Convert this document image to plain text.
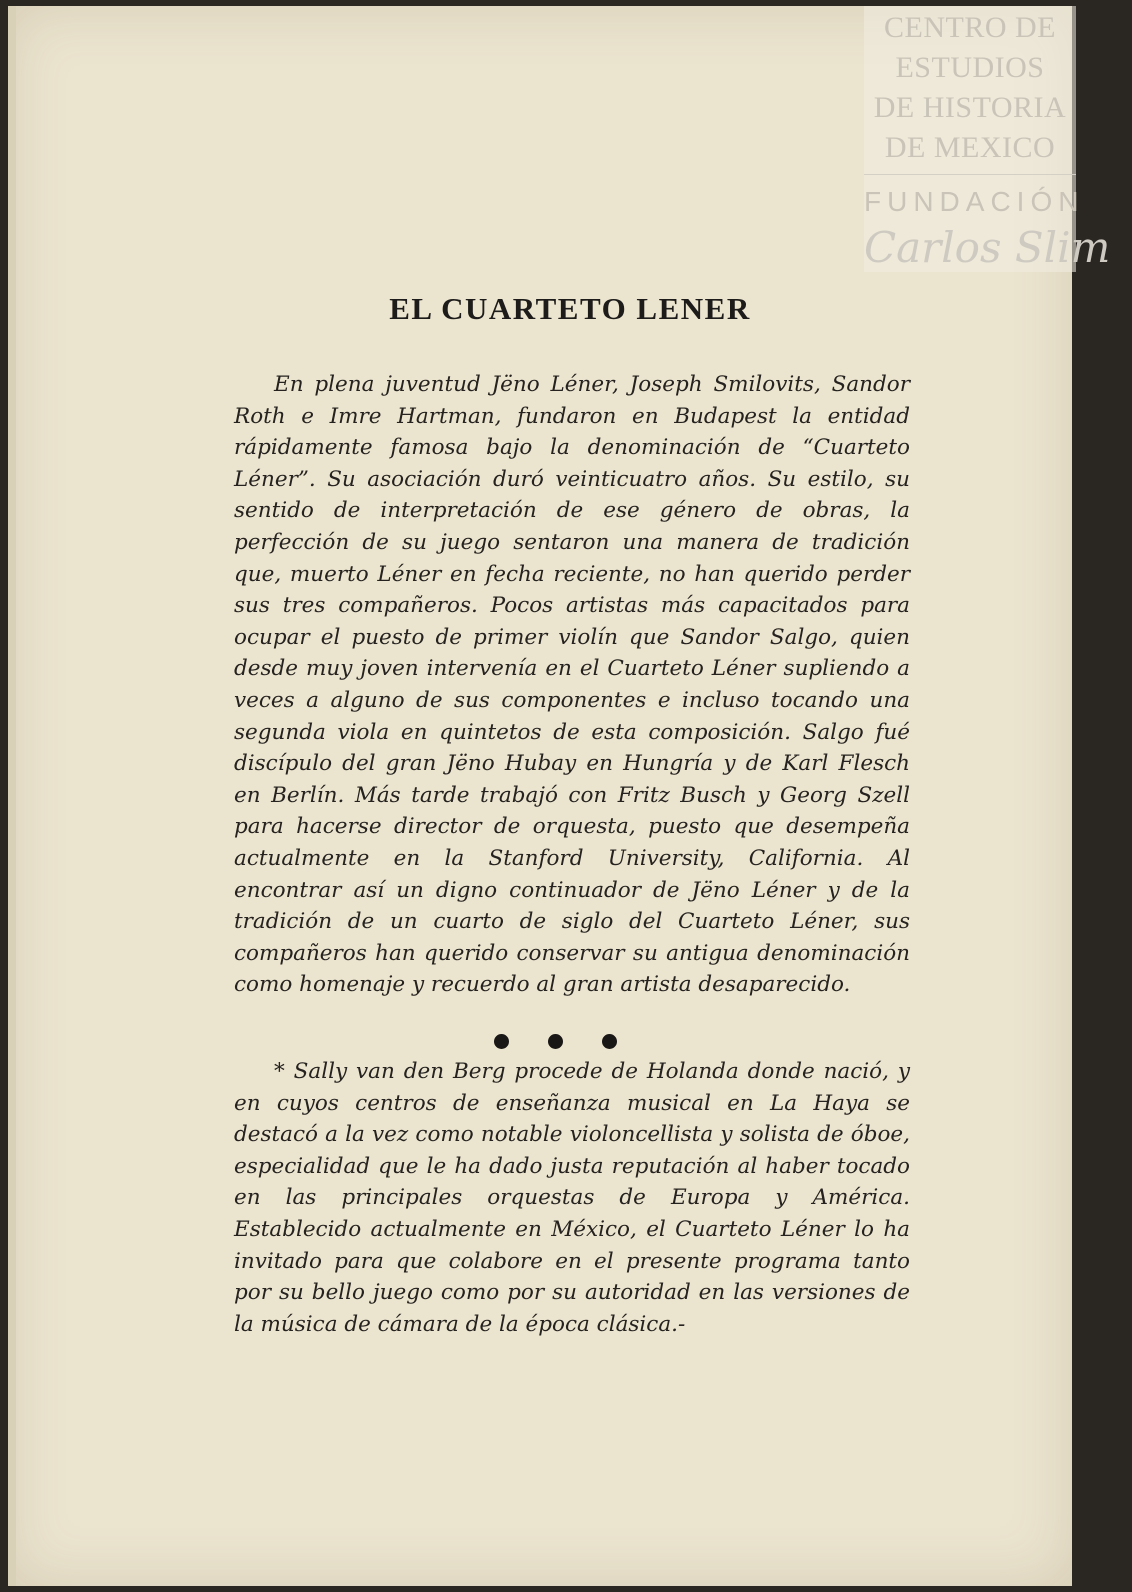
CENTRO DE
ESTUDIOS
DE HISTORIA
DE MEXICO
FUNDACIÓN
Carlos Slim
EL CUARTETO LENER

En plena juventud Jëno Léner, Joseph Smilovits, Sandor Roth e Imre Hartman, fundaron en Budapest la entidad rápidamente famosa bajo la denominación de “Cuarteto Léner”. Su asociación duró veinticuatro años. Su estilo, su sentido de interpretación de ese género de obras, la perfección de su juego sentaron una manera de tradición que, muerto Léner en fecha reciente, no han querido perder sus tres compañeros. Pocos artistas más capacitados para ocupar el puesto de primer violín que Sandor Salgo, quien desde muy joven intervenía en el Cuarteto Léner supliendo a veces a alguno de sus componentes e incluso tocando una segunda viola en quintetos de esta composición. Salgo fué discípulo del gran Jëno Hubay en Hungría y de Karl Flesch en Berlín. Más tarde trabajó con Fritz Busch y Georg Szell para hacerse director de orquesta, puesto que desempeña actualmente en la Stanford University, California. Al encontrar así un digno continuador de Jëno Léner y de la tradición de un cuarto de siglo del Cuarteto Léner, sus compañeros han querido conservar su antigua denominación como homenaje y recuerdo al gran artista desaparecido.

* Sally van den Berg procede de Holanda donde nació, y en cuyos centros de enseñanza musical en La Haya se destacó a la vez como notable violoncellista y solista de óboe, especialidad que le ha dado justa reputación al haber tocado en las principales orquestas de Europa y América. Establecido actualmente en México, el Cuarteto Léner lo ha invitado para que colabore en el presente programa tanto por su bello juego como por su autoridad en las versiones de la música de cámara de la época clásica.-
